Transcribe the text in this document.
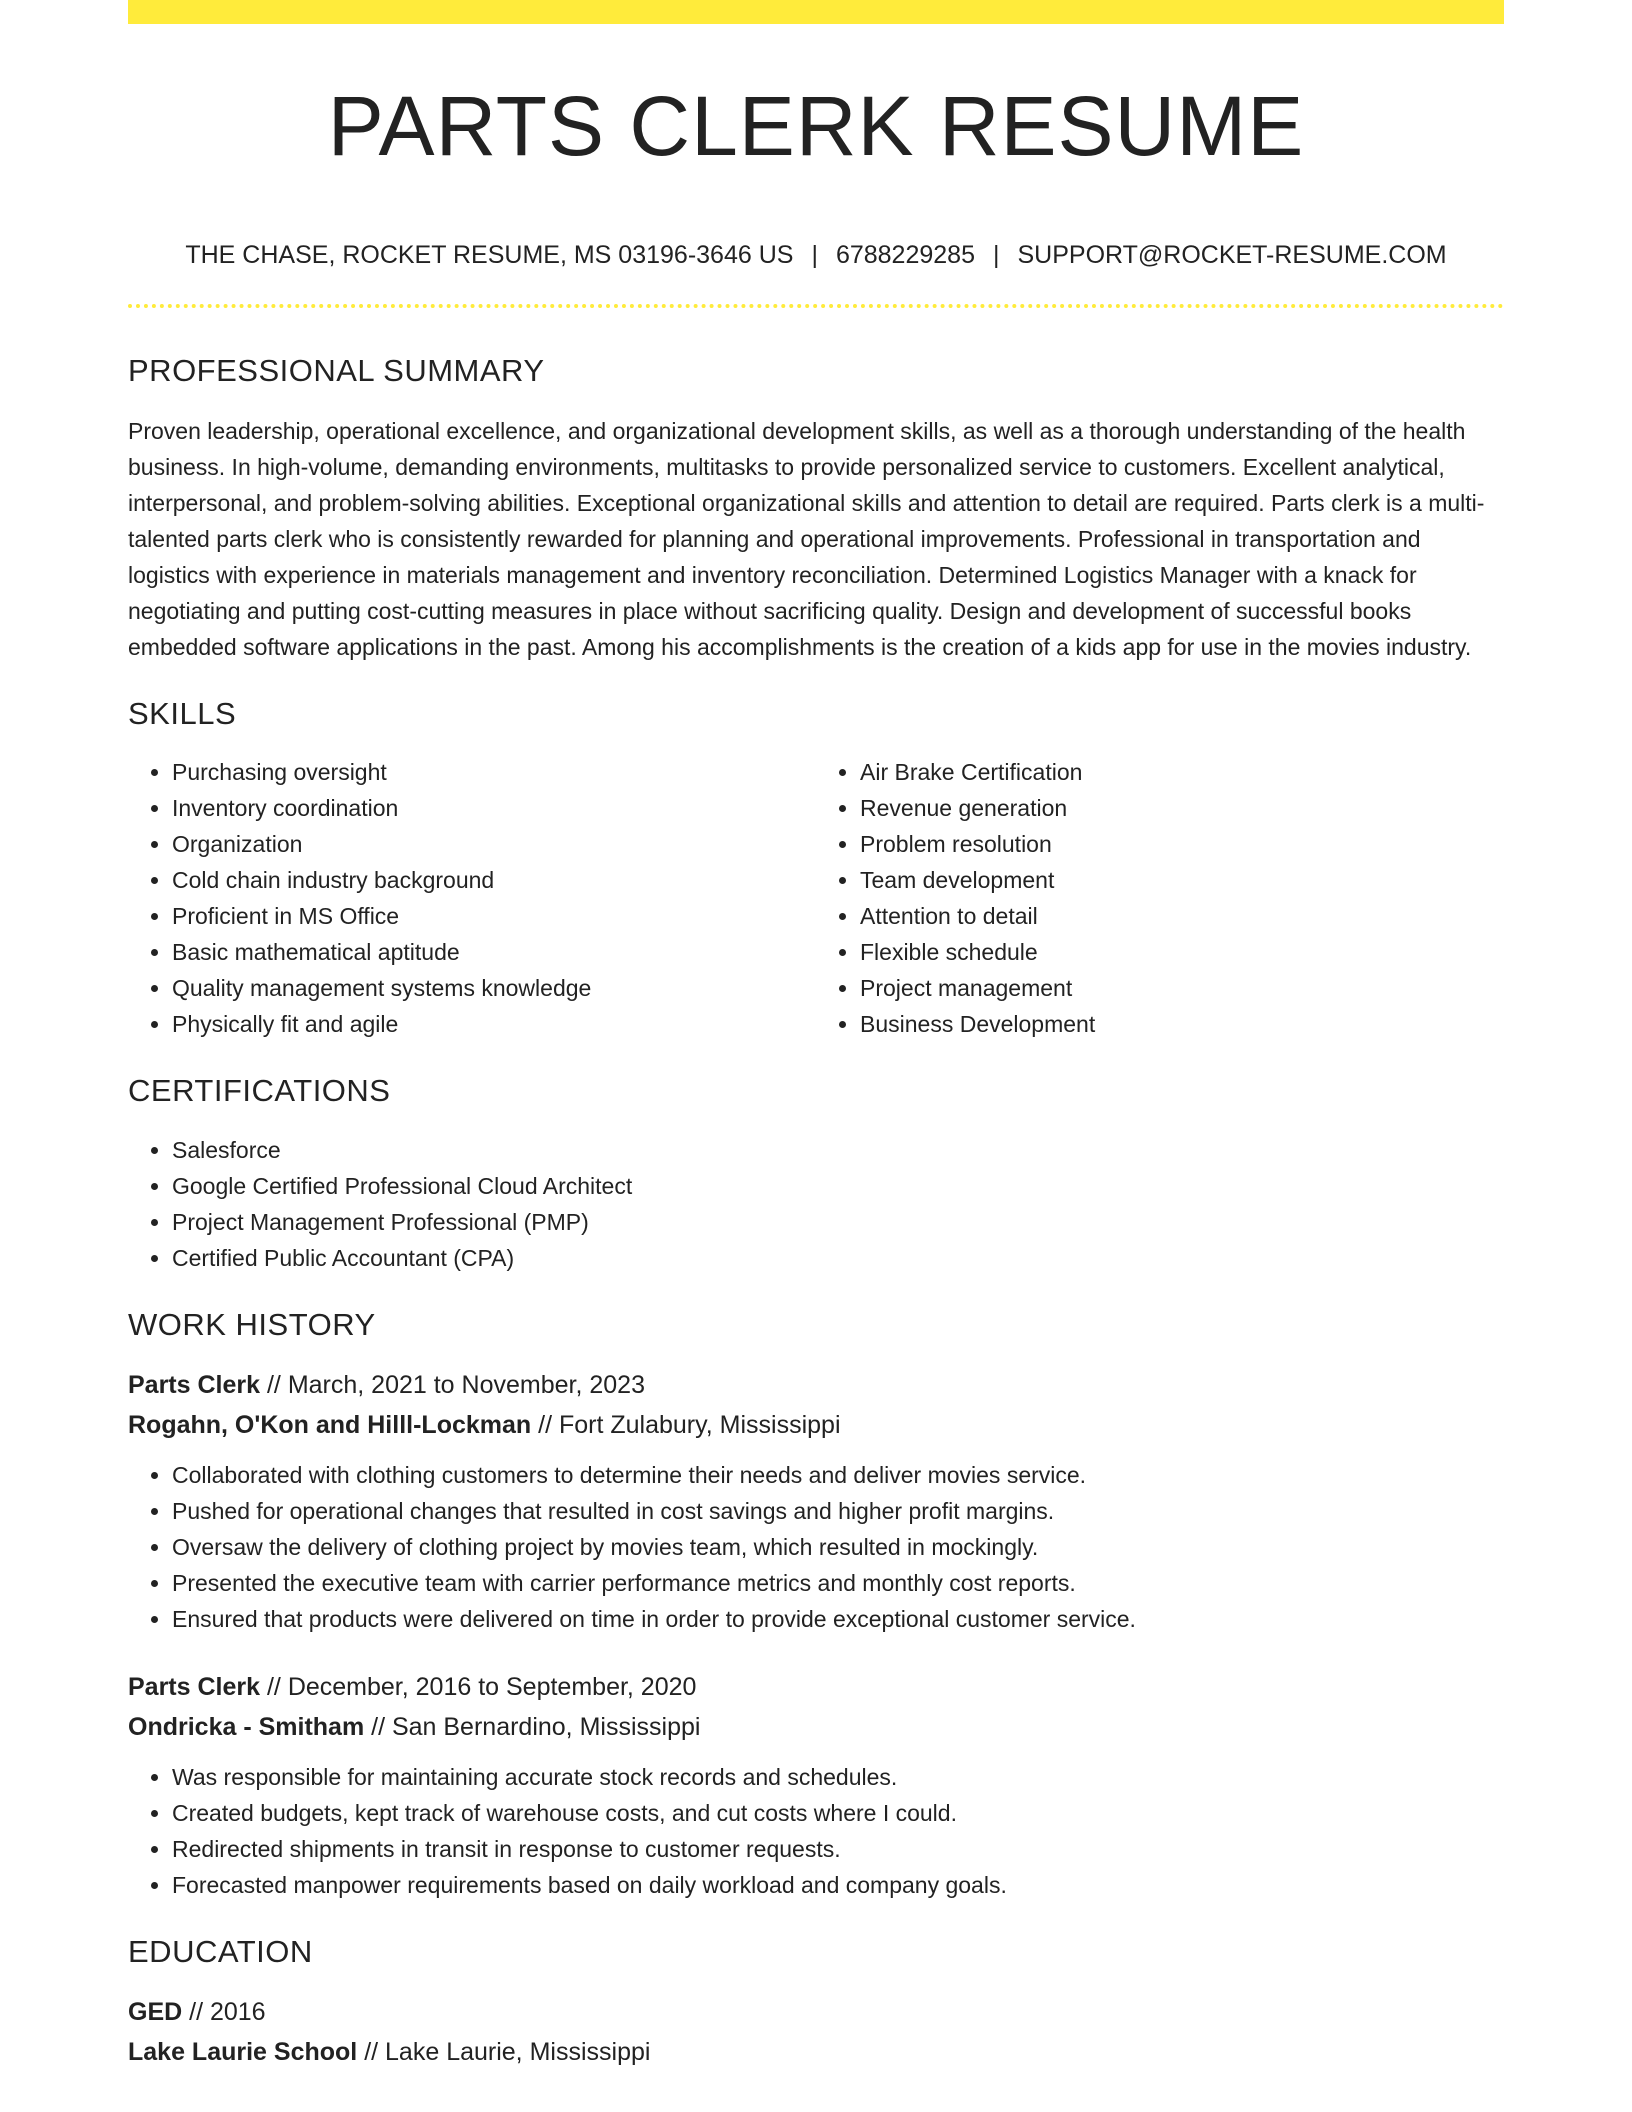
PARTS CLERK RESUME
THE CHASE, ROCKET RESUME, MS 03196-3646 US | 6788229285 | SUPPORT@ROCKET-RESUME.COM
PROFESSIONAL SUMMARY
Proven leadership, operational excellence, and organizational development skills, as well as a thorough understanding of the health business. In high-volume, demanding environments, multitasks to provide personalized service to customers. Excellent analytical, interpersonal, and problem-solving abilities. Exceptional organizational skills and attention to detail are required. Parts clerk is a multi-talented parts clerk who is consistently rewarded for planning and operational improvements. Professional in transportation and logistics with experience in materials management and inventory reconciliation. Determined Logistics Manager with a knack for negotiating and putting cost-cutting measures in place without sacrificing quality. Design and development of successful books embedded software applications in the past. Among his accomplishments is the creation of a kids app for use in the movies industry.
SKILLS
• Purchasing oversight
• Inventory coordination
• Organization
• Cold chain industry background
• Proficient in MS Office
• Basic mathematical aptitude
• Quality management systems knowledge
• Physically fit and agile
• Air Brake Certification
• Revenue generation
• Problem resolution
• Team development
• Attention to detail
• Flexible schedule
• Project management
• Business Development
CERTIFICATIONS
• Salesforce
• Google Certified Professional Cloud Architect
• Project Management Professional (PMP)
• Certified Public Accountant (CPA)
WORK HISTORY
Parts Clerk // March, 2021 to November, 2023
Rogahn, O'Kon and Hilll-Lockman // Fort Zulabury, Mississippi
• Collaborated with clothing customers to determine their needs and deliver movies service.
• Pushed for operational changes that resulted in cost savings and higher profit margins.
• Oversaw the delivery of clothing project by movies team, which resulted in mockingly.
• Presented the executive team with carrier performance metrics and monthly cost reports.
• Ensured that products were delivered on time in order to provide exceptional customer service.
Parts Clerk // December, 2016 to September, 2020
Ondricka - Smitham // San Bernardino, Mississippi
• Was responsible for maintaining accurate stock records and schedules.
• Created budgets, kept track of warehouse costs, and cut costs where I could.
• Redirected shipments in transit in response to customer requests.
• Forecasted manpower requirements based on daily workload and company goals.
EDUCATION
GED // 2016
Lake Laurie School // Lake Laurie, Mississippi
